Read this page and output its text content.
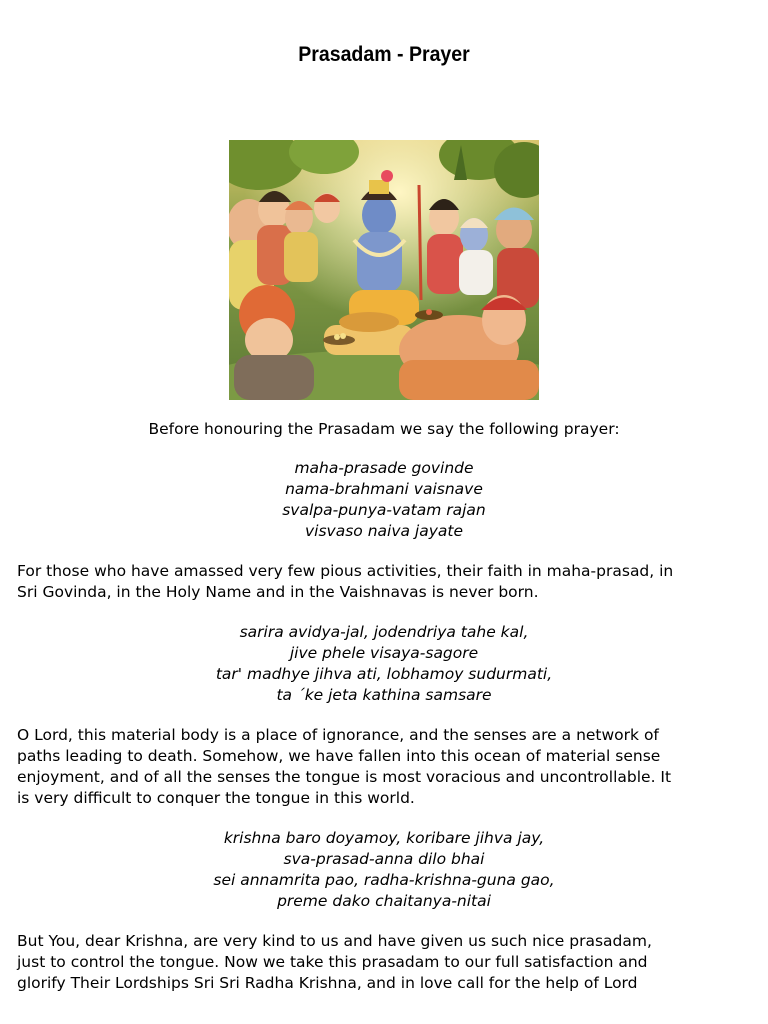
Prasadam - Prayer
Before honouring the Prasadam we say the following prayer:
maha-prasade govinde
nama-brahmani vaisnave
svalpa-punya-vatam rajan
visvaso naiva jayate
For those who have amassed very few pious activities, their faith in maha-prasad, in
Sri Govinda, in the Holy Name and in the Vaishnavas is never born.
sarira avidya-jal, jodendriya tahe kal,
jive phele visaya-sagore
tar' madhye jihva ati, lobhamoy sudurmati,
ta ´ke jeta kathina samsare
O Lord, this material body is a place of ignorance, and the senses are a network of
paths leading to death. Somehow, we have fallen into this ocean of material sense
enjoyment, and of all the senses the tongue is most voracious and uncontrollable. It
is very difficult to conquer the tongue in this world.
krishna baro doyamoy, koribare jihva jay,
sva-prasad-anna dilo bhai
sei annamrita pao, radha-krishna-guna gao,
preme dako chaitanya-nitai
But You, dear Krishna, are very kind to us and have given us such nice prasadam,
just to control the tongue. Now we take this prasadam to our full satisfaction and
glorify Their Lordships Sri Sri Radha Krishna, and in love call for the help of Lord
